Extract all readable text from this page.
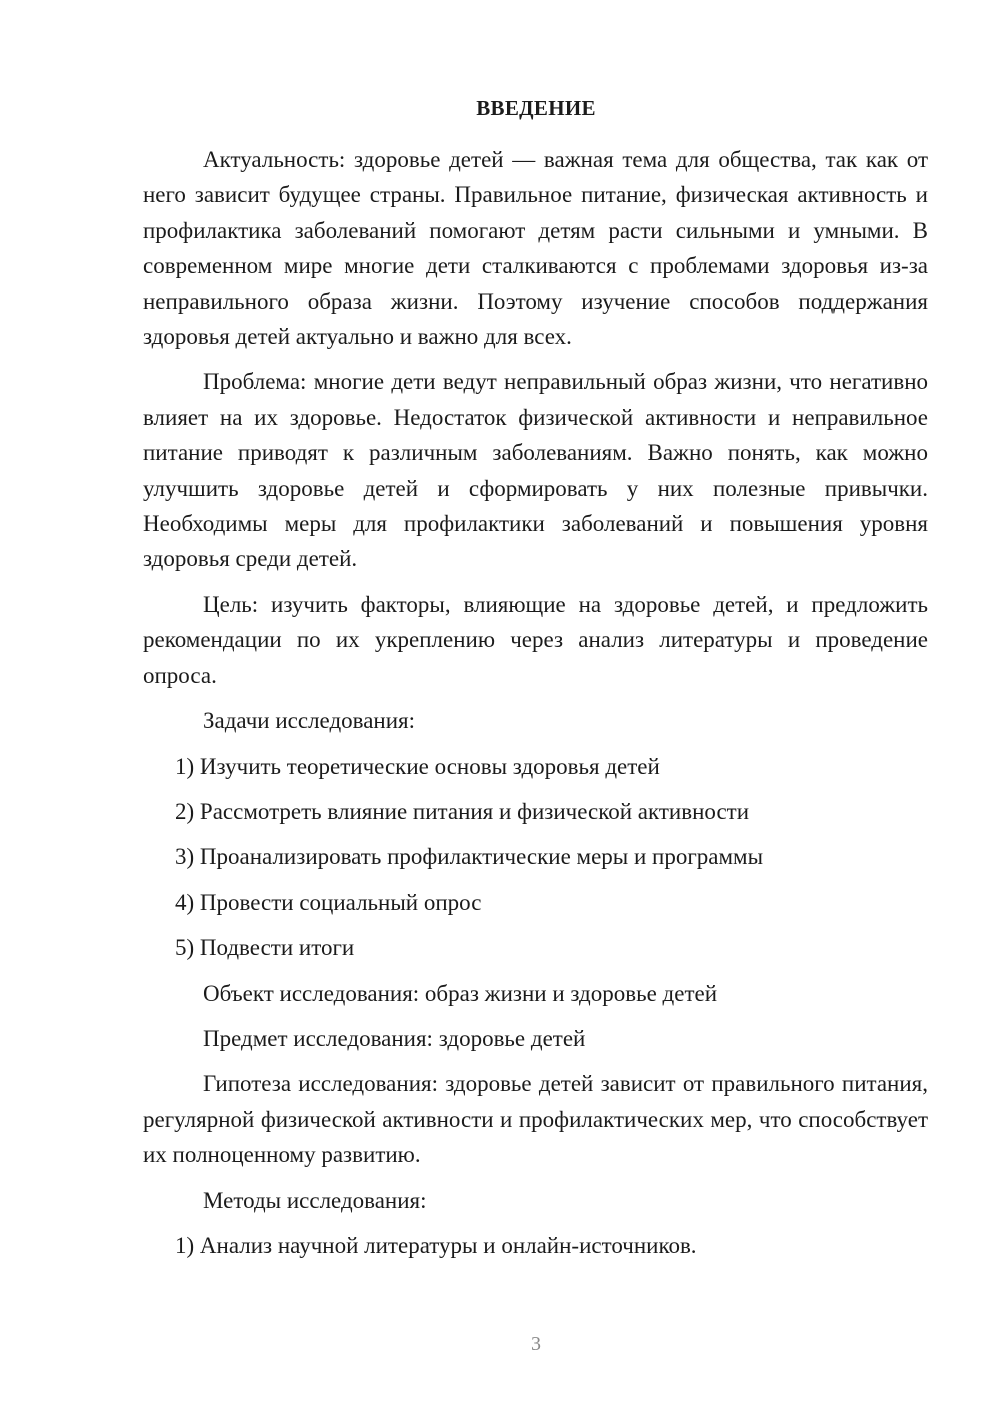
ВВЕДЕНИЕ

Актуальность: здоровье детей — важная тема для общества, так как от него зависит будущее страны. Правильное питание, физическая активность и профилактика заболеваний помогают детям расти сильными и умными. В современном мире многие дети сталкиваются с проблемами здоровья из-за неправильного образа жизни. Поэтому изучение способов поддержания здоровья детей актуально и важно для всех.

Проблема: многие дети ведут неправильный образ жизни, что негативно влияет на их здоровье. Недостаток физической активности и неправильное питание приводят к различным заболеваниям. Важно понять, как можно улучшить здоровье детей и сформировать у них полезные привычки. Необходимы меры для профилактики заболеваний и повышения уровня здоровья среди детей.

Цель: изучить факторы, влияющие на здоровье детей, и предложить рекомендации по их укреплению через анализ литературы и проведение опроса.

Задачи исследования:

1) Изучить теоретические основы здоровья детей

2) Рассмотреть влияние питания и физической активности

3) Проанализировать профилактические меры и программы

4) Провести социальный опрос

5) Подвести итоги

Объект исследования: образ жизни и здоровье детей

Предмет исследования: здоровье детей

Гипотеза исследования: здоровье детей зависит от правильного питания, регулярной физической активности и профилактических мер, что способствует их полноценному развитию.

Методы исследования:

1) Анализ научной литературы и онлайн-источников.

3
